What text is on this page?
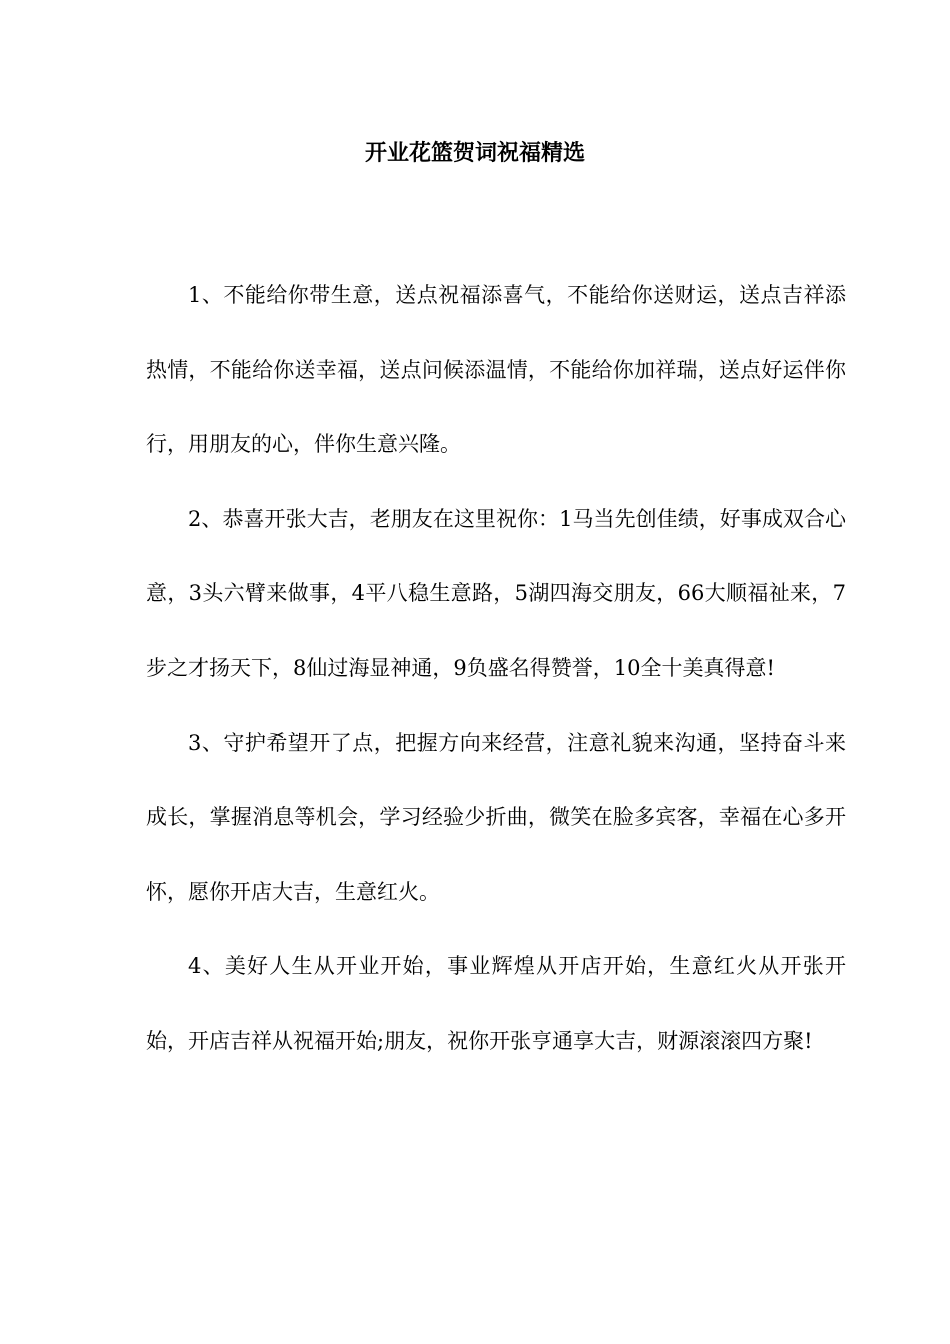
开业花篮贺词祝福精选

1、不能给你带生意，送点祝福添喜气，不能给你送财运，送点吉祥添热情，不能给你送幸福，送点问候添温情，不能给你加祥瑞，送点好运伴你行，用朋友的心，伴你生意兴隆。

2、恭喜开张大吉，老朋友在这里祝你：1马当先创佳绩，好事成双合心意，3头六臂来做事，4平八稳生意路，5湖四海交朋友，66大顺福祉来，7步之才扬天下，8仙过海显神通，9负盛名得赞誉，10全十美真得意!

3、守护希望开了点，把握方向来经营，注意礼貌来沟通，坚持奋斗来成长，掌握消息等机会，学习经验少折曲，微笑在脸多宾客，幸福在心多开怀，愿你开店大吉，生意红火。

4、美好人生从开业开始，事业辉煌从开店开始，生意红火从开张开始，开店吉祥从祝福开始;朋友，祝你开张亨通享大吉，财源滚滚四方聚!
